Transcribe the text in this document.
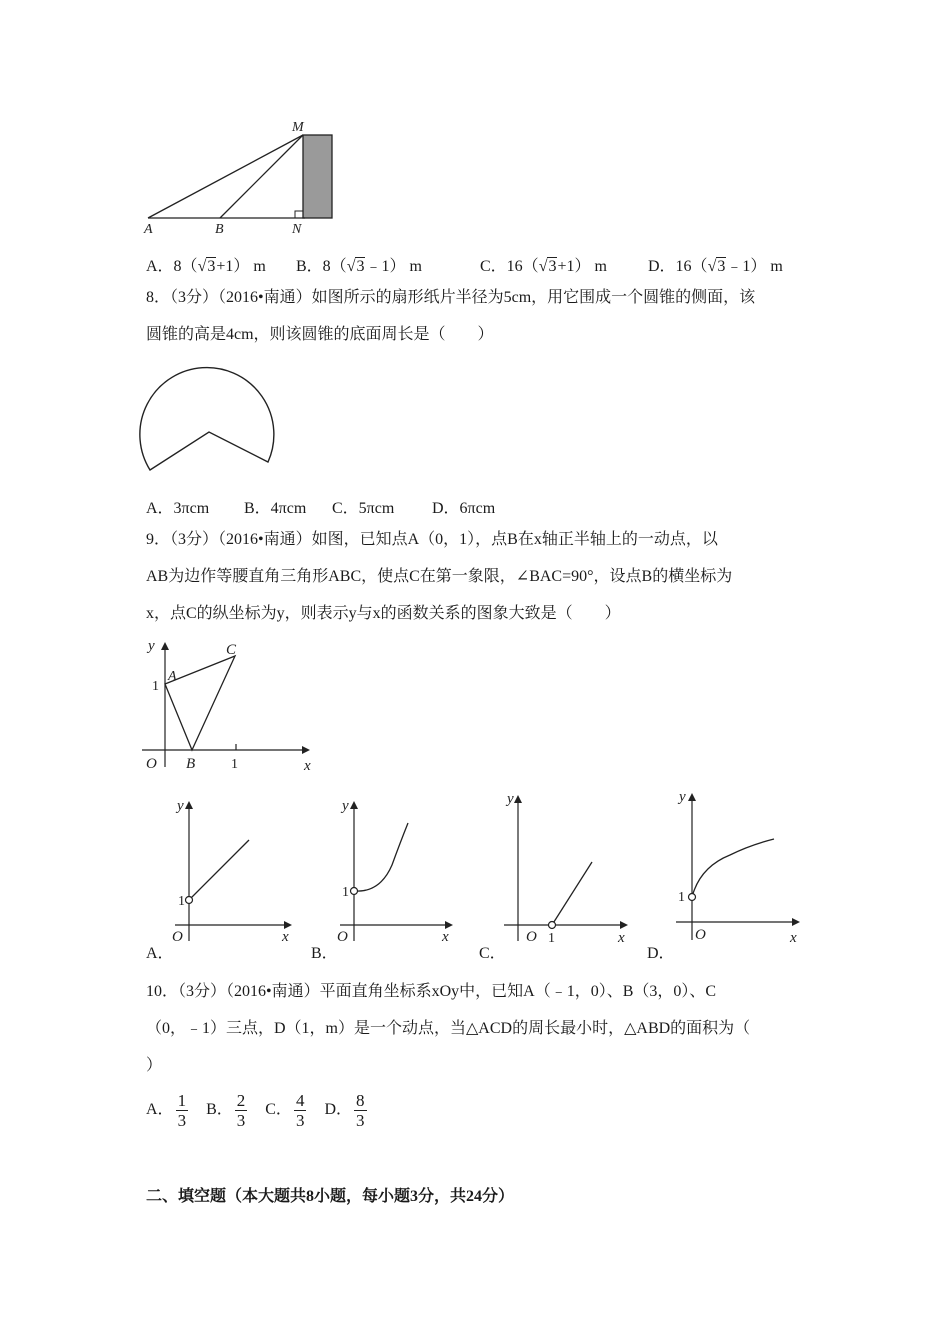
M
A	B	N
A．8（√3+1） m B．8（√3﹣1） m	C．16（√3+1） m	D．16（√3﹣1） m
8．（3分）（2016•南通）如图所示的扇形纸片半径为5cm，用它围成一个圆锥的侧面，该
圆锥的高是4cm，则该圆锥的底面周长是（　　）
A．3πcm B．4πcm C．5πcm D．6πcm
9．（3分）（2016•南通）如图，已知点A（0，1），点B在x轴正半轴上的一动点，以
AB为边作等腰直角三角形ABC，使点C在第一象限，∠BAC=90°，设点B的横坐标为
x，点C的纵坐标为y，则表示y与x的函数关系的图象大致是（　　）
y
A
C
1
O B	1	x
y
1
O	x
A．
y
1
O	x
B．
y
O 1	x
C．
y
1
O	x
D．
10．（3分）（2016•南通）平面直角坐标系xOy中，已知A（﹣1，0）、B（3，0）、C
（0，﹣1）三点，D（1，m）是一个动点，当△ACD的周长最小时，△ABD的面积为（
）
A． $\frac{1}{3}$ B． $\frac{2}{3}$ C． $\frac{4}{3}$ D． $\frac{8}{3}$
二、填空题（本大题共8小题，每小题3分，共24分）
